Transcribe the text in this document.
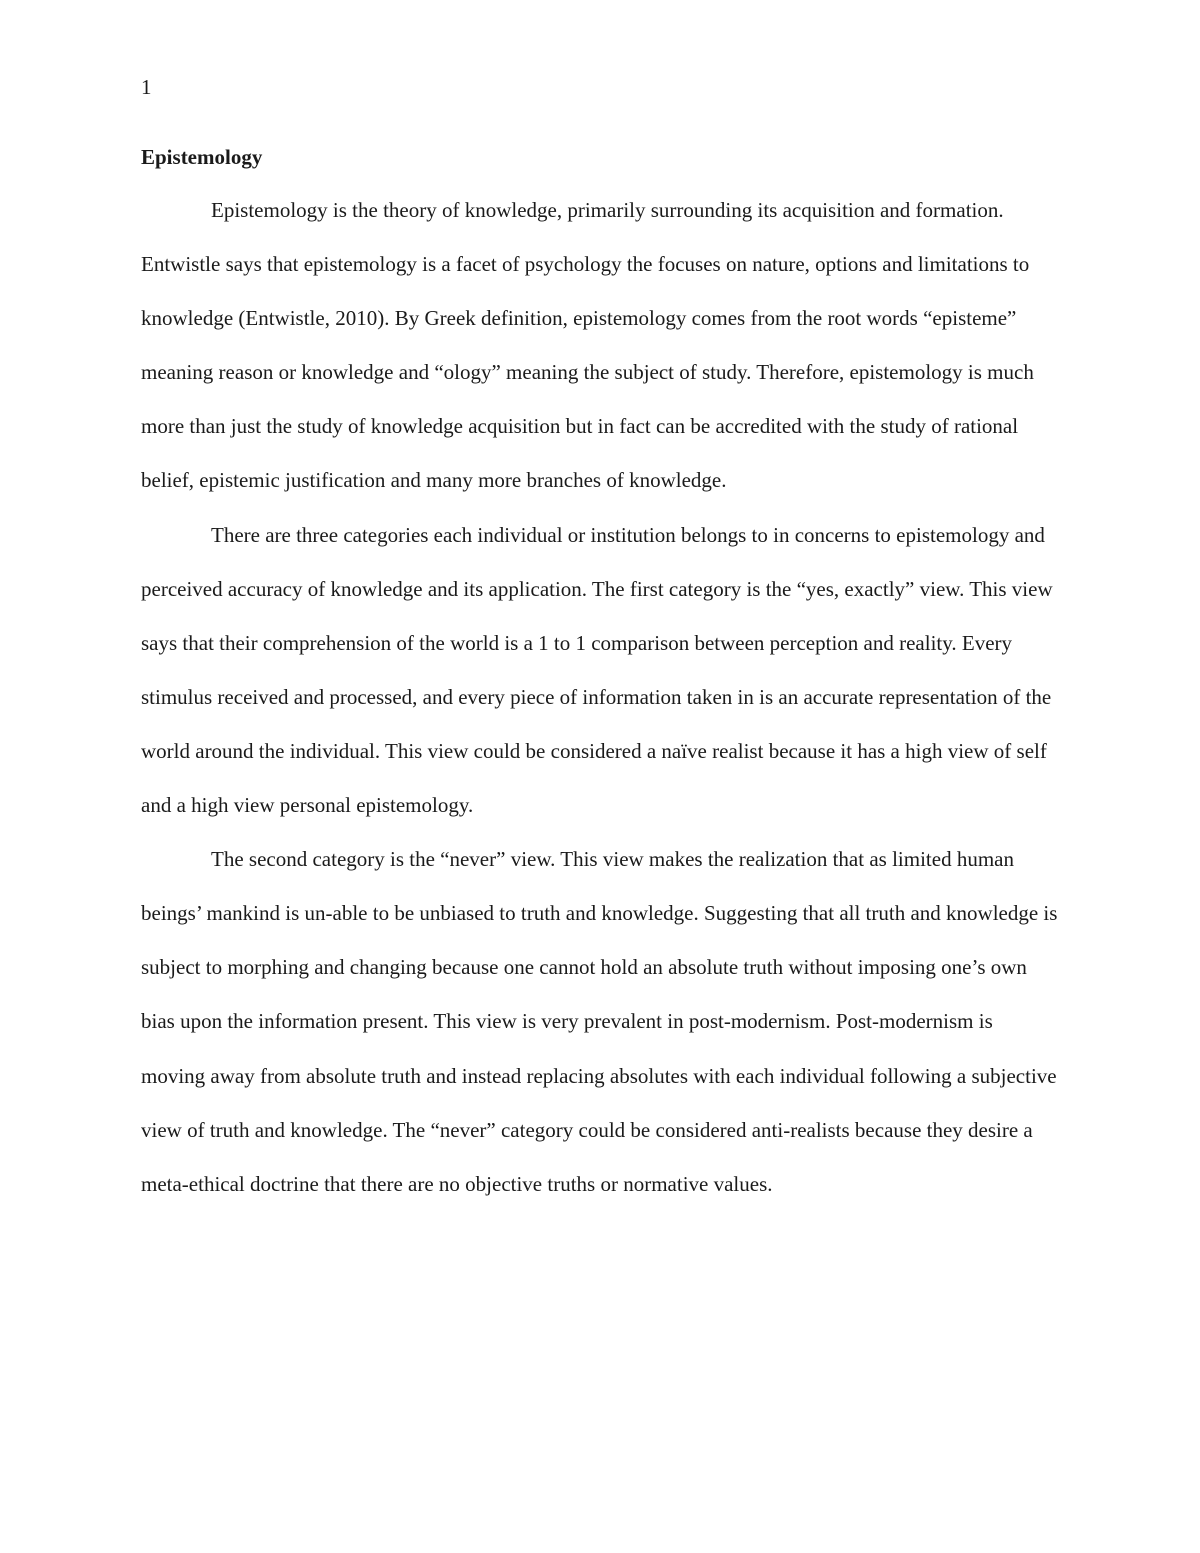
1
Epistemology

Epistemology is the theory of knowledge, primarily surrounding its acquisition and formation. Entwistle says that epistemology is a facet of psychology the focuses on nature, options and limitations to knowledge (Entwistle, 2010). By Greek definition, epistemology comes from the root words “episteme” meaning reason or knowledge and “ology” meaning the subject of study. Therefore, epistemology is much more than just the study of knowledge acquisition but in fact can be accredited with the study of rational belief, epistemic justification and many more branches of knowledge.

There are three categories each individual or institution belongs to in concerns to epistemology and perceived accuracy of knowledge and its application. The first category is the “yes, exactly” view. This view says that their comprehension of the world is a 1 to 1 comparison between perception and reality. Every stimulus received and processed, and every piece of information taken in is an accurate representation of the world around the individual. This view could be considered a naïve realist because it has a high view of self and a high view personal epistemology.

The second category is the “never” view. This view makes the realization that as limited human beings’ mankind is un-able to be unbiased to truth and knowledge. Suggesting that all truth and knowledge is subject to morphing and changing because one cannot hold an absolute truth without imposing one’s own bias upon the information present. This view is very prevalent in post-modernism. Post-modernism is moving away from absolute truth and instead replacing absolutes with each individual following a subjective view of truth and knowledge. The “never” category could be considered anti-realists because they desire a meta-ethical doctrine that there are no objective truths or normative values.
